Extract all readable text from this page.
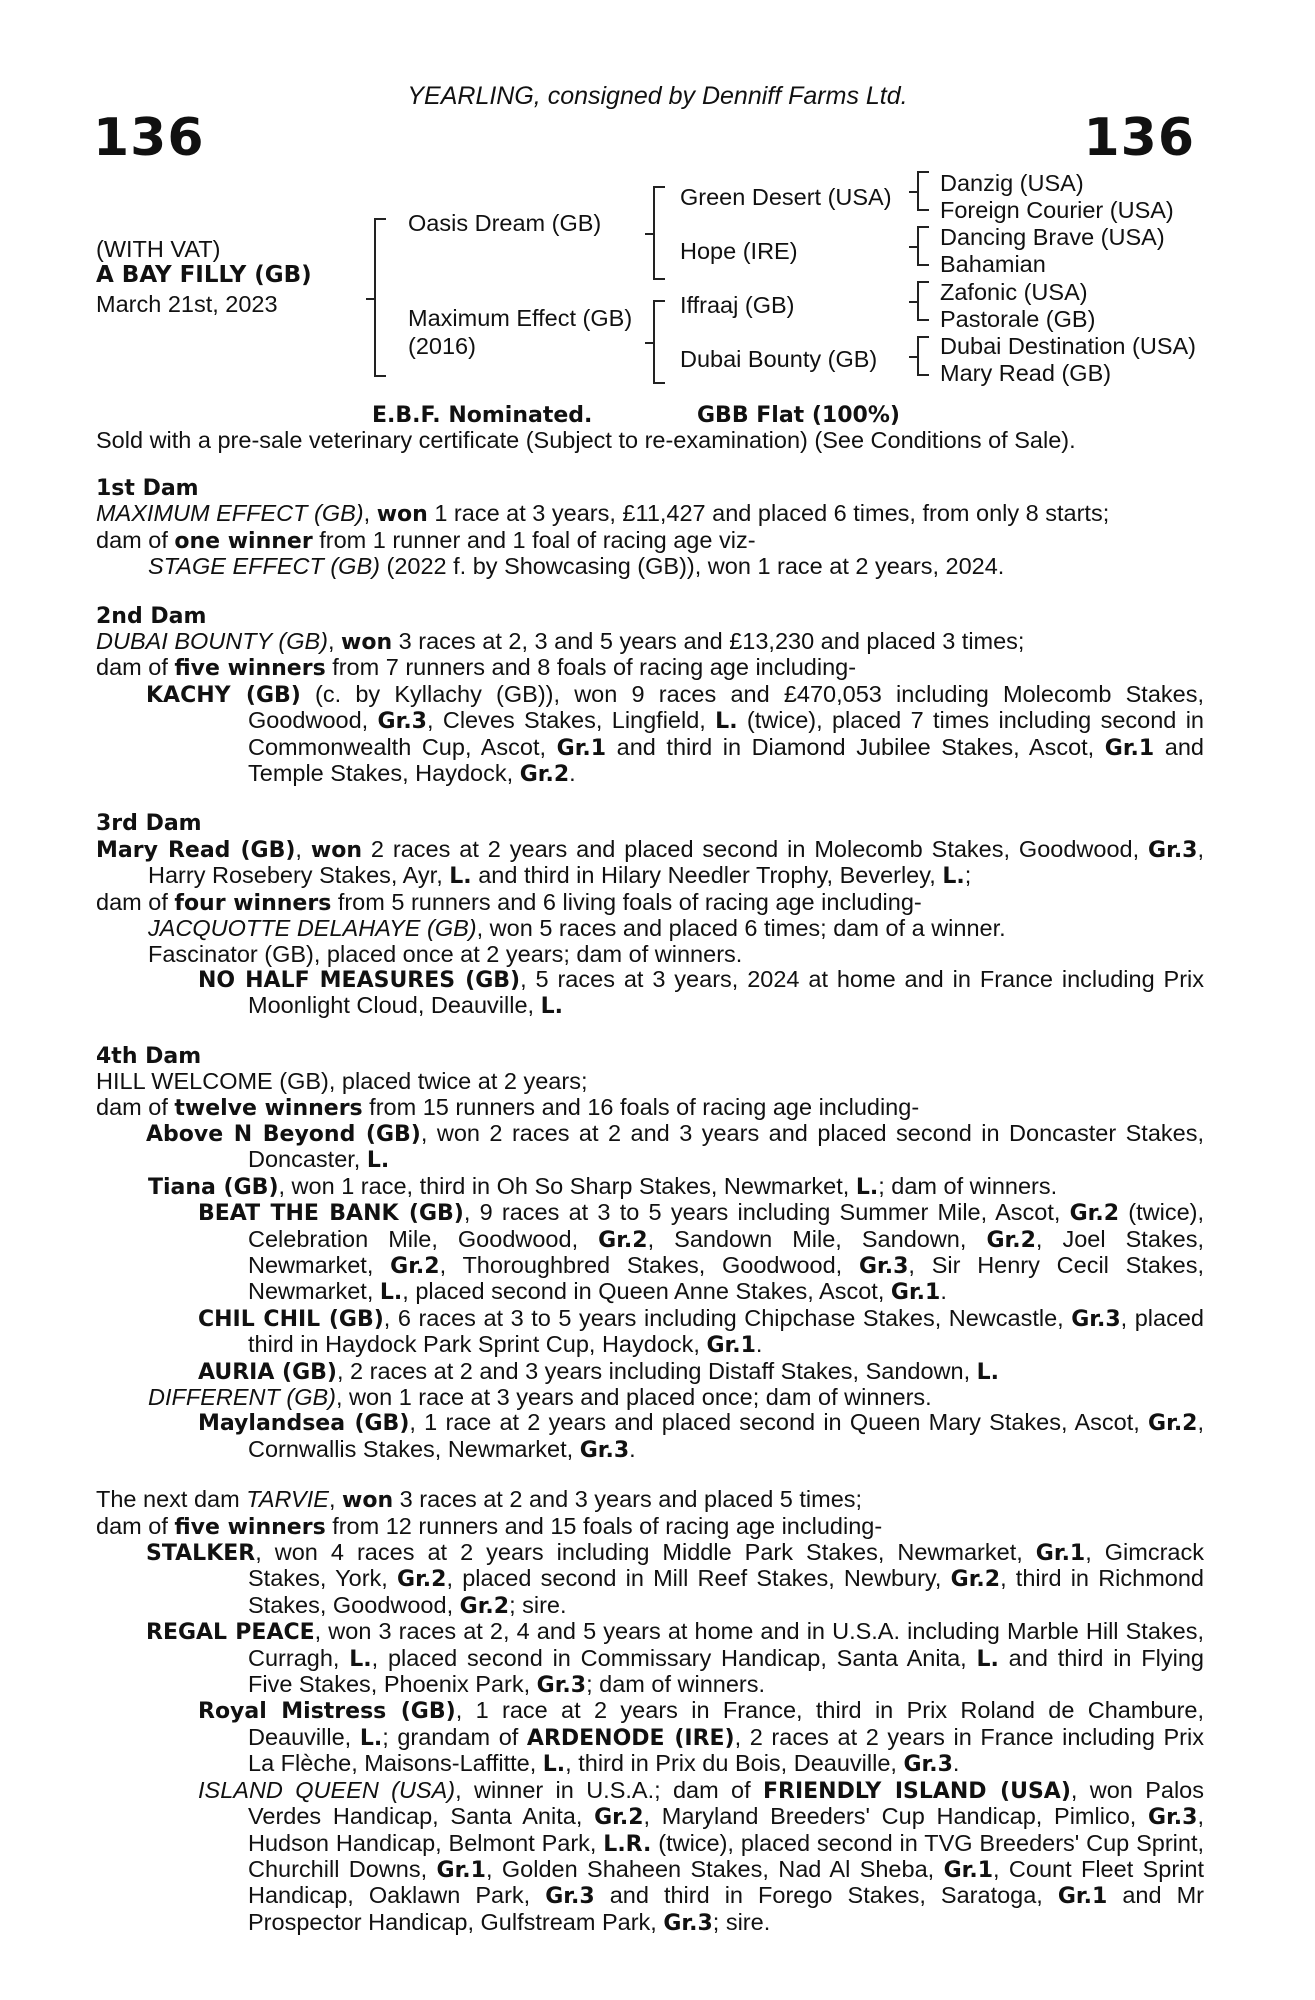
YEARLING, consigned by Denniff Farms Ltd.
136	136
(WITH VAT)
A BAY FILLY (GB)
March 21st, 2023
Oasis Dream (GB)
Maximum Effect (GB)
(2016)
Green Desert (USA)
Hope (IRE)
Iffraaj (GB)
Dubai Bounty (GB)
Danzig (USA)
Foreign Courier (USA)
Dancing Brave (USA)
Bahamian
Zafonic (USA)
Pastorale (GB)
Dubai Destination (USA)
Mary Read (GB)
E.B.F. Nominated.	GBB Flat (100%)
Sold with a pre-sale veterinary certificate (Subject to re-examination) (See Conditions of Sale).

1st Dam

MAXIMUM EFFECT (GB), won 1 race at 3 years, £11,427 and placed 6 times, from only 8 starts;

dam of one winner from 1 runner and 1 foal of racing age viz-

STAGE EFFECT (GB) (2022 f. by Showcasing (GB)), won 1 race at 2 years, 2024.

2nd Dam

DUBAI BOUNTY (GB), won 3 races at 2, 3 and 5 years and £13,230 and placed 3 times;

dam of five winners from 7 runners and 8 foals of racing age including-

KACHY (GB) (c. by Kyllachy (GB)), won 9 races and £470,053 including Molecomb Stakes, Goodwood, Gr.3, Cleves Stakes, Lingfield, L. (twice), placed 7 times including second in Commonwealth Cup, Ascot, Gr.1 and third in Diamond Jubilee Stakes, Ascot, Gr.1 and Temple Stakes, Haydock, Gr.2.

3rd Dam

Mary Read (GB), won 2 races at 2 years and placed second in Molecomb Stakes, Goodwood, Gr.3, Harry Rosebery Stakes, Ayr, L. and third in Hilary Needler Trophy, Beverley, L.;

dam of four winners from 5 runners and 6 living foals of racing age including-

JACQUOTTE DELAHAYE (GB), won 5 races and placed 6 times; dam of a winner.

Fascinator (GB), placed once at 2 years; dam of winners.

NO HALF MEASURES (GB), 5 races at 3 years, 2024 at home and in France including Prix Moonlight Cloud, Deauville, L.

4th Dam

HILL WELCOME (GB), placed twice at 2 years;

dam of twelve winners from 15 runners and 16 foals of racing age including-

Above N Beyond (GB), won 2 races at 2 and 3 years and placed second in Doncaster Stakes, Doncaster, L.

Tiana (GB), won 1 race, third in Oh So Sharp Stakes, Newmarket, L.; dam of winners.

BEAT THE BANK (GB), 9 races at 3 to 5 years including Summer Mile, Ascot, Gr.2 (twice), Celebration Mile, Goodwood, Gr.2, Sandown Mile, Sandown, Gr.2, Joel Stakes, Newmarket, Gr.2, Thoroughbred Stakes, Goodwood, Gr.3, Sir Henry Cecil Stakes, Newmarket, L., placed second in Queen Anne Stakes, Ascot, Gr.1.

CHIL CHIL (GB), 6 races at 3 to 5 years including Chipchase Stakes, Newcastle, Gr.3, placed third in Haydock Park Sprint Cup, Haydock, Gr.1.

AURIA (GB), 2 races at 2 and 3 years including Distaff Stakes, Sandown, L.

DIFFERENT (GB), won 1 race at 3 years and placed once; dam of winners.

Maylandsea (GB), 1 race at 2 years and placed second in Queen Mary Stakes, Ascot, Gr.2, Cornwallis Stakes, Newmarket, Gr.3.

The next dam TARVIE, won 3 races at 2 and 3 years and placed 5 times;

dam of five winners from 12 runners and 15 foals of racing age including-

STALKER, won 4 races at 2 years including Middle Park Stakes, Newmarket, Gr.1, Gimcrack Stakes, York, Gr.2, placed second in Mill Reef Stakes, Newbury, Gr.2, third in Richmond Stakes, Goodwood, Gr.2; sire.

REGAL PEACE, won 3 races at 2, 4 and 5 years at home and in U.S.A. including Marble Hill Stakes, Curragh, L., placed second in Commissary Handicap, Santa Anita, L. and third in Flying Five Stakes, Phoenix Park, Gr.3; dam of winners.

Royal Mistress (GB), 1 race at 2 years in France, third in Prix Roland de Chambure, Deauville, L.; grandam of ARDENODE (IRE), 2 races at 2 years in France including Prix La Flèche, Maisons-Laffitte, L., third in Prix du Bois, Deauville, Gr.3.

ISLAND QUEEN (USA), winner in U.S.A.; dam of FRIENDLY ISLAND (USA), won Palos Verdes Handicap, Santa Anita, Gr.2, Maryland Breeders' Cup Handicap, Pimlico, Gr.3, Hudson Handicap, Belmont Park, L.R. (twice), placed second in TVG Breeders' Cup Sprint, Churchill Downs, Gr.1, Golden Shaheen Stakes, Nad Al Sheba, Gr.1, Count Fleet Sprint Handicap, Oaklawn Park, Gr.3 and third in Forego Stakes, Saratoga, Gr.1 and Mr Prospector Handicap, Gulfstream Park, Gr.3; sire.
